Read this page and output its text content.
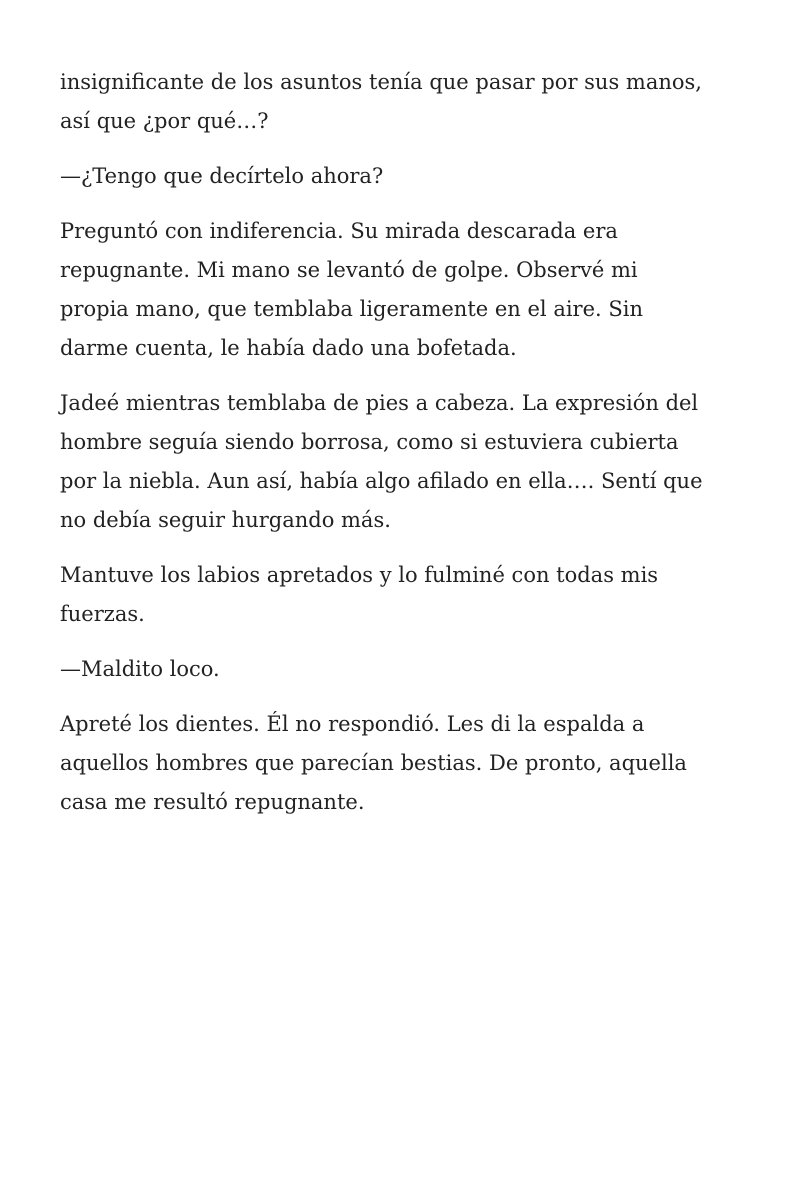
insignificante de los asuntos tenía que pasar por sus manos,
así que ¿por qué…?

—¿Tengo que decírtelo ahora?

Preguntó con indiferencia. Su mirada descarada era
repugnante. Mi mano se levantó de golpe. Observé mi
propia mano, que temblaba ligeramente en el aire. Sin
darme cuenta, le había dado una bofetada.

Jadeé mientras temblaba de pies a cabeza. La expresión del
hombre seguía siendo borrosa, como si estuviera cubierta
por la niebla. Aun así, había algo afilado en ella…. Sentí que
no debía seguir hurgando más.

Mantuve los labios apretados y lo fulminé con todas mis
fuerzas.

—Maldito loco.

Apreté los dientes. Él no respondió. Les di la espalda a
aquellos hombres que parecían bestias. De pronto, aquella
casa me resultó repugnante.
